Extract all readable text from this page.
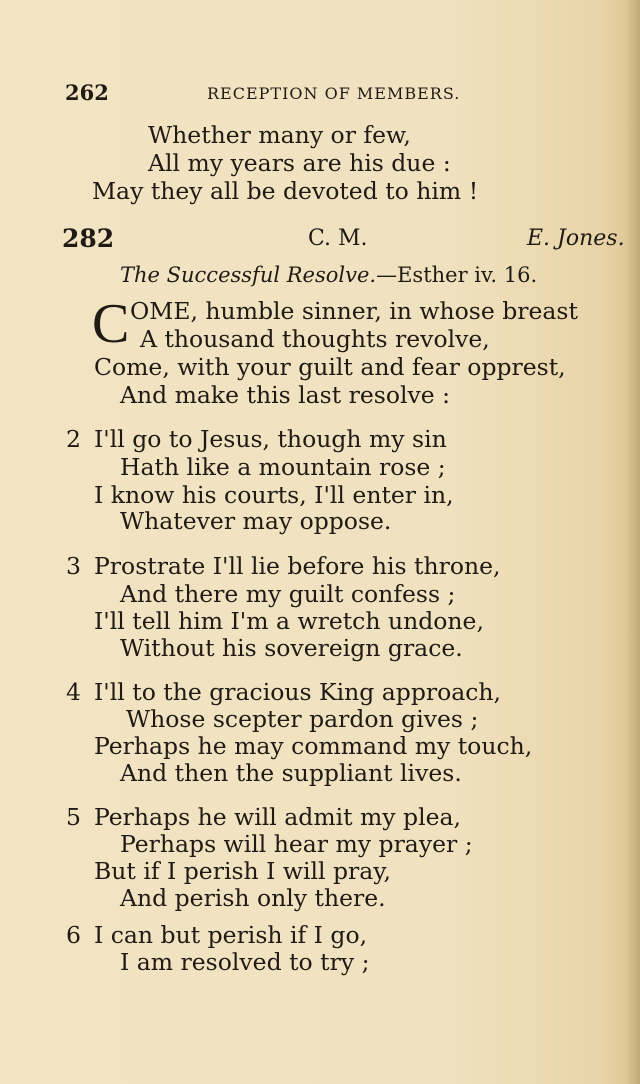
262	RECEPTION OF MEMBERS.
Whether many or few,
All my years are his due :
May they all be devoted to him !
282	C. M.	E. Jones.
The Successful Resolve.—Esther iv. 16.
C OME, humble sinner, in whose breast
A thousand thoughts revolve,
Come, with your guilt and fear opprest,
And make this last resolve :
2 I'll go to Jesus, though my sin
Hath like a mountain rose ;
I know his courts, I'll enter in,
Whatever may oppose.
3 Prostrate I'll lie before his throne,
And there my guilt confess ;
I'll tell him I'm a wretch undone,
Without his sovereign grace.
4 I'll to the gracious King approach,
Whose scepter pardon gives ;
Perhaps he may command my touch,
And then the suppliant lives.
5 Perhaps he will admit my plea,
Perhaps will hear my prayer ;
But if I perish I will pray,
And perish only there.
6 I can but perish if I go,
I am resolved to try ;
